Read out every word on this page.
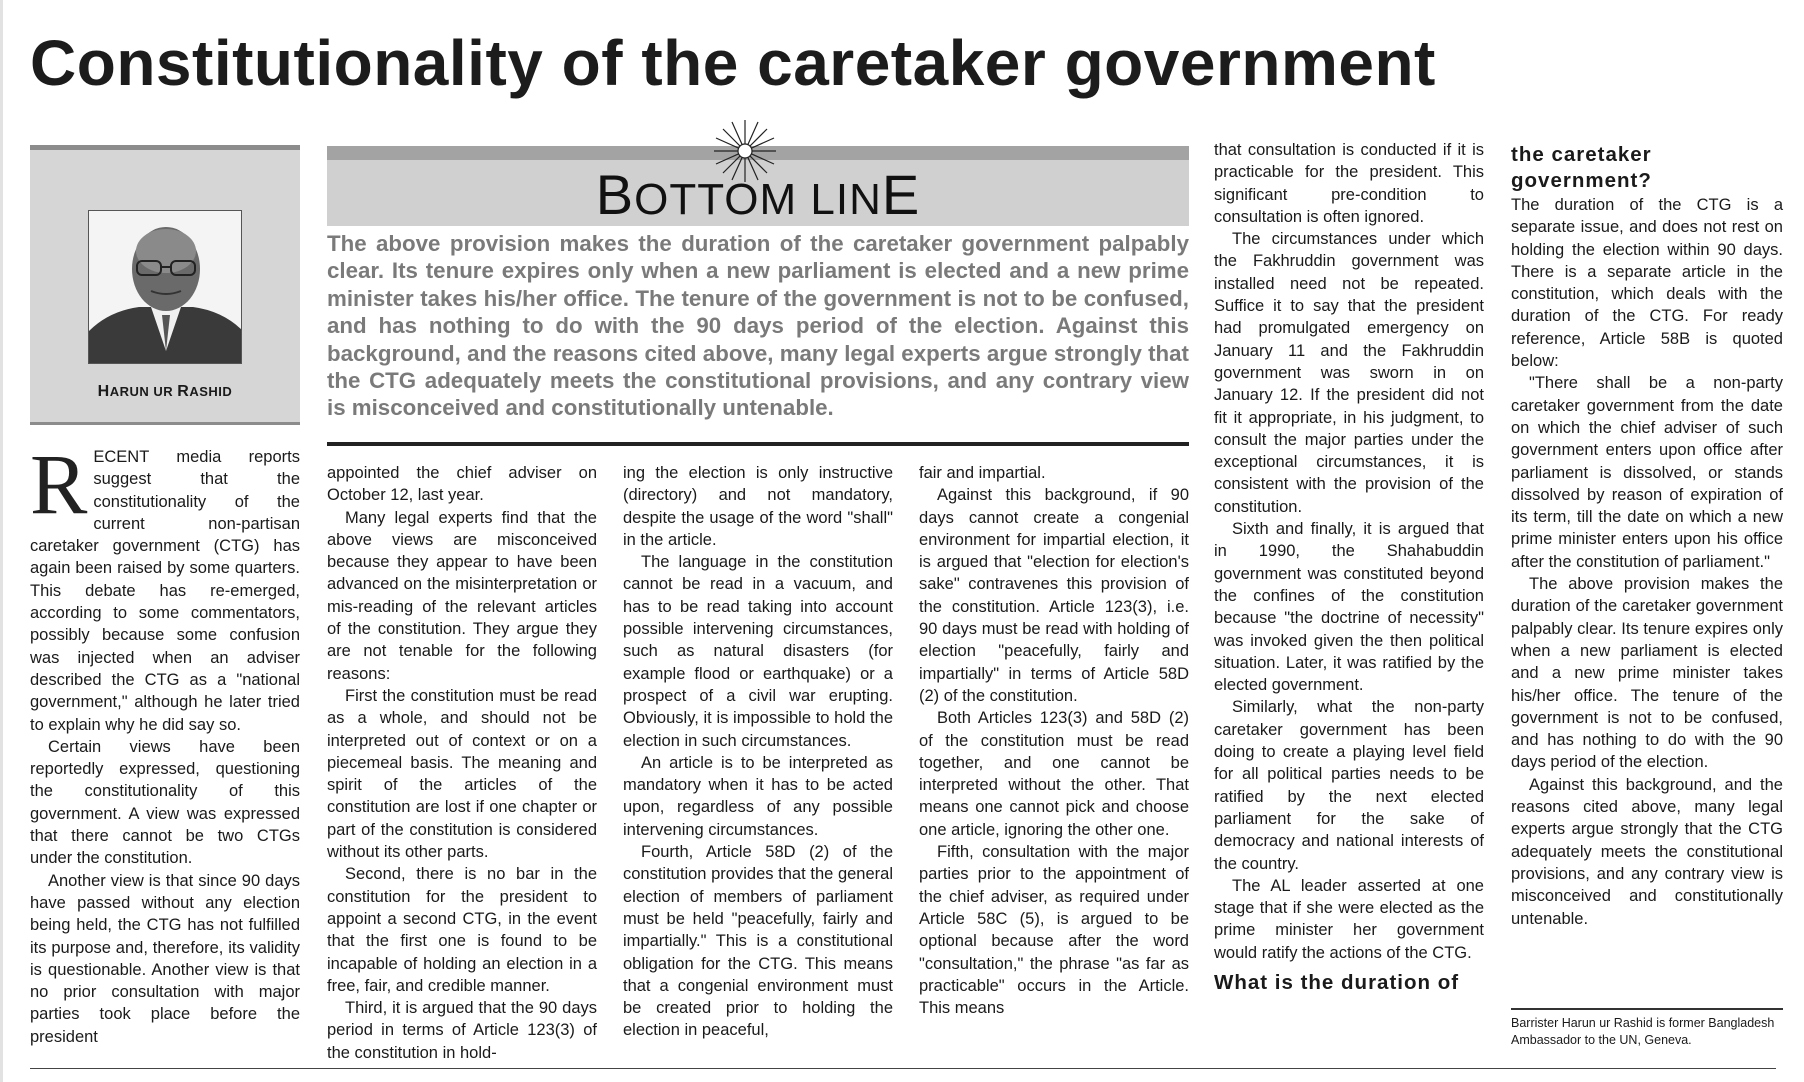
Constitutionality of the caretaker government
HARUN UR RASHID
BOTTOM LINE
The above provision makes the duration of the caretaker government palpably clear. Its tenure expires only when a new parliament is elected and a new prime minister takes his/her office. The tenure of the government is not to be confused, and has nothing to do with the 90 days period of the election. Against this background, and the reasons cited above, many legal experts argue strongly that the CTG adequately meets the constitutional provisions, and any contrary view is misconceived and constitutionally untenable.
R ECENT media reports suggest that the constitutionality of the current non-partisan caretaker government (CTG) has again been raised by some quarters. This debate has re-emerged, according to some commentators, possibly because some confusion was injected when an adviser described the CTG as a "national government," although he later tried to explain why he did say so.

Certain views have been reportedly expressed, questioning the constitutionality of this government. A view was expressed that there cannot be two CTGs under the constitution.

Another view is that since 90 days have passed without any election being held, the CTG has not fulfilled its purpose and, therefore, its validity is questionable. Another view is that no prior consultation with major parties took place before the president

appointed the chief adviser on October 12, last year.

Many legal experts find that the above views are misconceived because they appear to have been advanced on the misinterpretation or mis-reading of the relevant articles of the constitution. They argue they are not tenable for the following reasons:

First the constitution must be read as a whole, and should not be interpreted out of context or on a piecemeal basis. The meaning and spirit of the articles of the constitution are lost if one chapter or part of the constitution is considered without its other parts.

Second, there is no bar in the constitution for the president to appoint a second CTG, in the event that the first one is found to be incapable of holding an election in a free, fair, and credible manner.

Third, it is argued that the 90 days period in terms of Article 123(3) of the constitution in hold-

ing the election is only instructive (directory) and not mandatory, despite the usage of the word "shall" in the article.

The language in the constitution cannot be read in a vacuum, and has to be read taking into account possible intervening circumstances, such as natural disasters (for example flood or earthquake) or a prospect of a civil war erupting. Obviously, it is impossible to hold the election in such circumstances.

An article is to be interpreted as mandatory when it has to be acted upon, regardless of any possible intervening circumstances.

Fourth, Article 58D (2) of the constitution provides that the general election of members of parliament must be held "peacefully, fairly and impartially." This is a constitutional obligation for the CTG. This means that a congenial environment must be created prior to holding the election in peaceful,

fair and impartial.

Against this background, if 90 days cannot create a congenial environment for impartial election, it is argued that "election for election's sake" contravenes this provision of the constitution. Article 123(3), i.e. 90 days must be read with holding of election "peacefully, fairly and impartially" in terms of Article 58D (2) of the constitution.

Both Articles 123(3) and 58D (2) of the constitution must be read together, and one cannot be interpreted without the other. That means one cannot pick and choose one article, ignoring the other one.

Fifth, consultation with the major parties prior to the appointment of the chief adviser, as required under Article 58C (5), is argued to be optional because after the word "consultation," the phrase "as far as practicable" occurs in the Article. This means

that consultation is conducted if it is practicable for the president. This significant pre-condition to consultation is often ignored.

The circumstances under which the Fakhruddin government was installed need not be repeated. Suffice it to say that the president had promulgated emergency on January 11 and the Fakhruddin government was sworn in on January 12. If the president did not fit it appropriate, in his judgment, to consult the major parties under the exceptional circumstances, it is consistent with the provision of the constitution.

Sixth and finally, it is argued that in 1990, the Shahabuddin government was constituted beyond the confines of the constitution because "the doctrine of necessity" was invoked given the then political situation. Later, it was ratified by the elected government.

Similarly, what the non-party caretaker government has been doing to create a playing level field for all political parties needs to be ratified by the next elected parliament for the sake of democracy and national interests of the country.

The AL leader asserted at one stage that if she were elected as the prime minister her government would ratify the actions of the CTG.

What is the duration of
the caretaker government?

The duration of the CTG is a separate issue, and does not rest on holding the election within 90 days. There is a separate article in the constitution, which deals with the duration of the CTG. For ready reference, Article 58B is quoted below:

"There shall be a non-party caretaker government from the date on which the chief adviser of such government enters upon office after parliament is dissolved, or stands dissolved by reason of expiration of its term, till the date on which a new prime minister enters upon his office after the constitution of parliament."

The above provision makes the duration of the caretaker government palpably clear. Its tenure expires only when a new parliament is elected and a new prime minister takes his/her office. The tenure of the government is not to be confused, and has nothing to do with the 90 days period of the election.

Against this background, and the reasons cited above, many legal experts argue strongly that the CTG adequately meets the constitutional provisions, and any contrary view is misconceived and constitutionally untenable.

Barrister Harun ur Rashid is former Bangladesh Ambassador to the UN, Geneva.
